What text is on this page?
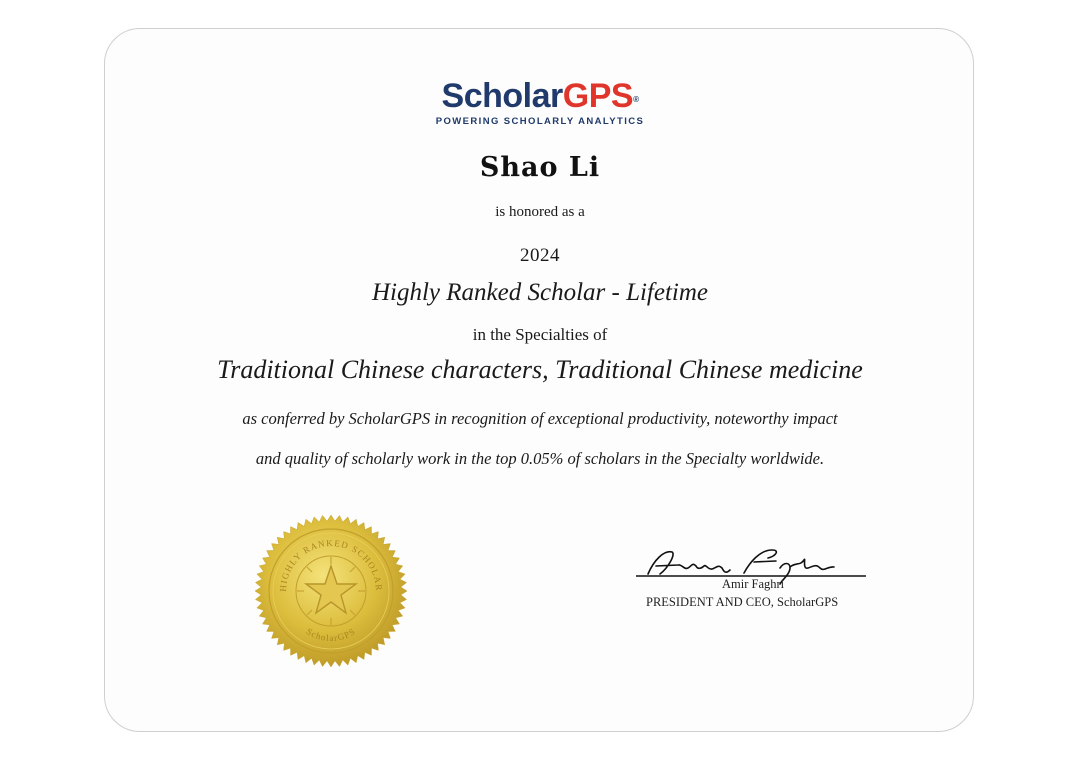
ScholarGPS®
POWERING SCHOLARLY ANALYTICS
Shao Li
is honored as a
2024
Highly Ranked Scholar - Lifetime
in the Specialties of
Traditional Chinese characters, Traditional Chinese medicine
as conferred by ScholarGPS in recognition of exceptional productivity, noteworthy impact
and quality of scholarly work in the top 0.05% of scholars in the Specialty worldwide.
HIGHLY RANKED SCHOLAR
ScholarGPS
Amir Faghri
PRESIDENT AND CEO, ScholarGPS
